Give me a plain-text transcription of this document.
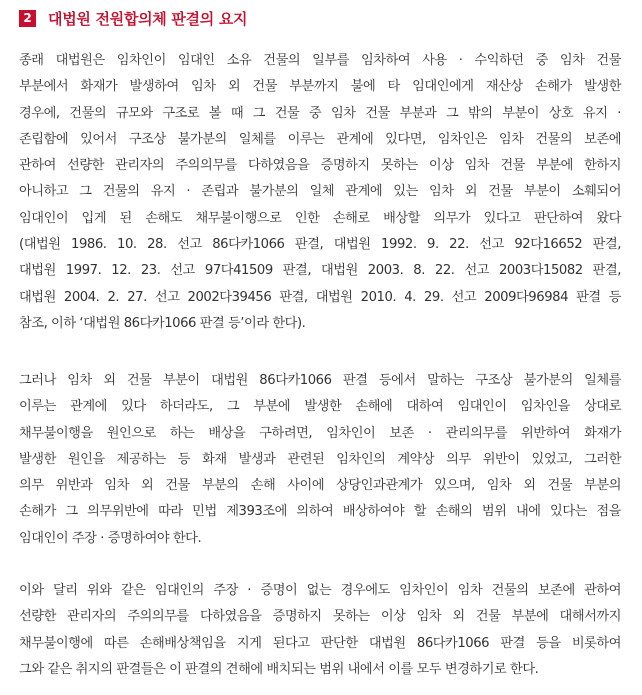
2 대법원 전원합의체 판결의 요지
종래 대법원은 임차인이 임대인 소유 건물의 일부를 임차하여 사용 · 수익하던 중 임차 건물
부분에서 화재가 발생하여 임차 외 건물 부분까지 불에 타 임대인에게 재산상 손해가 발생한
경우에, 건물의 규모와 구조로 볼 때 그 건물 중 임차 건물 부분과 그 밖의 부분이 상호 유지 ·
존립함에 있어서 구조상 불가분의 일체를 이루는 관계에 있다면, 임차인은 임차 건물의 보존에
관하여 선량한 관리자의 주의의무를 다하였음을 증명하지 못하는 이상 임차 건물 부분에 한하지
아니하고 그 건물의 유지 · 존립과 불가분의 일체 관계에 있는 임차 외 건물 부분이 소훼되어
임대인이 입게 된 손해도 채무불이행으로 인한 손해로 배상할 의무가 있다고 판단하여 왔다
(대법원 1986. 10. 28. 선고 86다카1066 판결, 대법원 1992. 9. 22. 선고 92다16652 판결,
대법원 1997. 12. 23. 선고 97다41509 판결, 대법원 2003. 8. 22. 선고 2003다15082 판결,
대법원 2004. 2. 27. 선고 2002다39456 판결, 대법원 2010. 4. 29. 선고 2009다96984 판결 등
참조, 이하 ‘대법원 86다카1066 판결 등’이라 한다).
그러나 임차 외 건물 부분이 대법원 86다카1066 판결 등에서 말하는 구조상 불가분의 일체를
이루는 관계에 있다 하더라도, 그 부분에 발생한 손해에 대하여 임대인이 임차인을 상대로
채무불이행을 원인으로 하는 배상을 구하려면, 임차인이 보존 · 관리의무를 위반하여 화재가
발생한 원인을 제공하는 등 화재 발생과 관련된 임차인의 계약상 의무 위반이 있었고, 그러한
의무 위반과 임차 외 건물 부분의 손해 사이에 상당인과관계가 있으며, 임차 외 건물 부분의
손해가 그 의무위반에 따라 민법 제393조에 의하여 배상하여야 할 손해의 범위 내에 있다는 점을
임대인이 주장 · 증명하여야 한다.
이와 달리 위와 같은 임대인의 주장 · 증명이 없는 경우에도 임차인이 임차 건물의 보존에 관하여
선량한 관리자의 주의의무를 다하였음을 증명하지 못하는 이상 임차 외 건물 부분에 대해서까지
채무불이행에 따른 손해배상책임을 지게 된다고 판단한 대법원 86다카1066 판결 등을 비롯하여
그와 같은 취지의 판결들은 이 판결의 견해에 배치되는 범위 내에서 이를 모두 변경하기로 한다.
